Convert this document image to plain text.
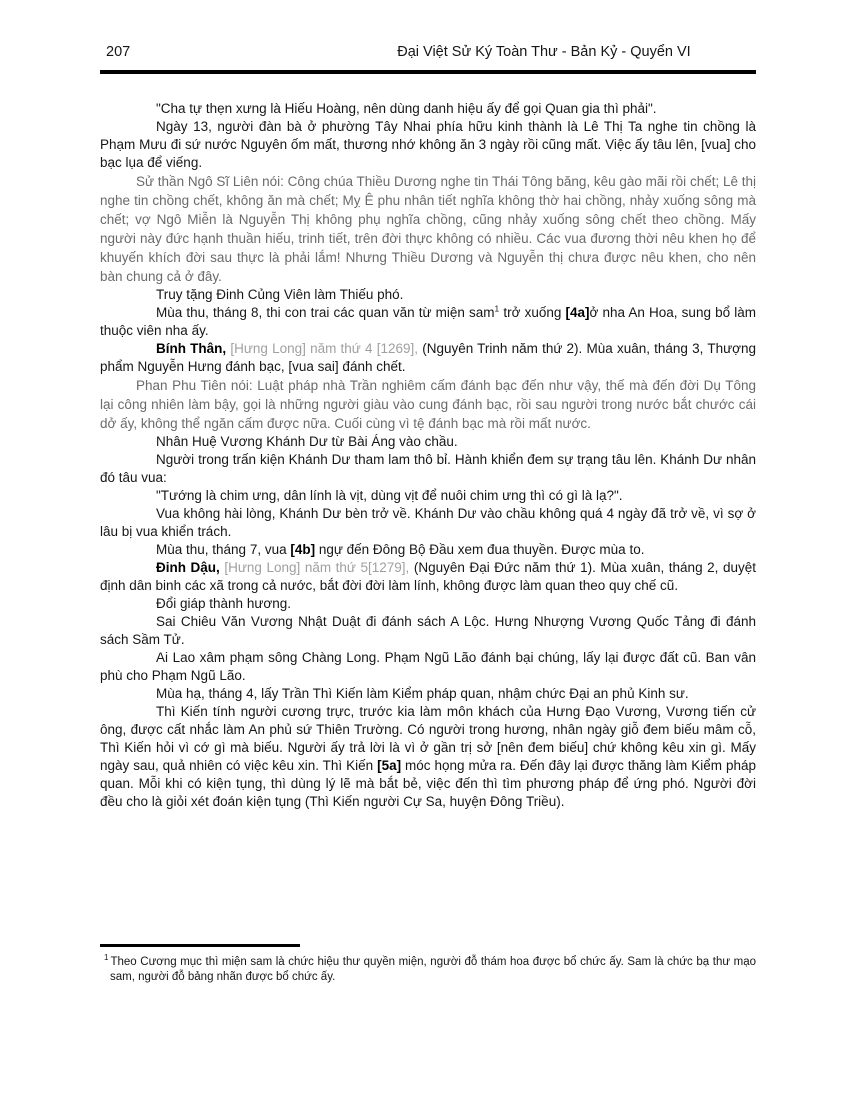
207	Đại Việt Sử Ký Toàn Thư - Bản Kỷ - Quyển VI

"Cha tự thẹn xưng là Hiếu Hoàng, nên dùng danh hiệu ấy để gọi Quan gia thì phải".

Ngày 13, người đàn bà ở phường Tây Nhai phía hữu kinh thành là Lê Thị Ta nghe tin chồng là Phạm Mưu đi sứ nước Nguyên ốm mất, thương nhớ không ăn 3 ngày rồi cũng mất. Việc ấy tâu lên, [vua] cho bạc lụa để viếng.

Sử thần Ngô Sĩ Liên nói: Công chúa Thiều Dương nghe tin Thái Tông băng, kêu gào mãi rồi chết; Lê thị nghe tin chồng chết, không ăn mà chết; Mỵ Ê phu nhân tiết nghĩa không thờ hai chồng, nhảy xuống sông mà chết; vợ Ngô Miễn là Nguyễn Thị không phụ nghĩa chồng, cũng nhảy xuống sông chết theo chồng. Mấy người này đức hạnh thuần hiếu, trinh tiết, trên đời thực không có nhiều. Các vua đương thời nêu khen họ để khuyến khích đời sau thực là phải lắm! Nhưng Thiều Dương và Nguyễn thị chưa được nêu khen, cho nên bàn chung cả ở đây.

Truy tặng Đinh Củng Viên làm Thiếu phó.

Mùa thu, tháng 8, thi con trai các quan văn từ miện sam$^1$ trở xuống [4a]ở nha An Hoa, sung bổ làm thuộc viên nha ấy.

Bính Thân, [Hưng Long] năm thứ 4 [1269], (Nguyên Trinh năm thứ 2). Mùa xuân, tháng 3, Thượng phẩm Nguyễn Hưng đánh bạc, [vua sai] đánh chết.

Phan Phu Tiên nói: Luật pháp nhà Trần nghiêm cấm đánh bạc đến như vậy, thế mà đến đời Dụ Tông lại công nhiên làm bậy, gọi là những người giàu vào cung đánh bạc, rồi sau người trong nước bắt chước cái dở ấy, không thể ngăn cấm được nữa. Cuối cùng vì tệ đánh bạc mà rồi mất nước.

Nhân Huệ Vương Khánh Dư từ Bài Áng vào chầu.

Người trong trấn kiện Khánh Dư tham lam thô bỉ. Hành khiển đem sự trạng tâu lên. Khánh Dư nhân đó tâu vua:

"Tướng là chim ưng, dân lính là vịt, dùng vịt để nuôi chim ưng thì có gì là lạ?".

Vua không hài lòng, Khánh Dư bèn trở về. Khánh Dư vào chầu không quá 4 ngày đã trở về, vì sợ ở lâu bị vua khiển trách.

Mùa thu, tháng 7, vua [4b] ngự đến Đông Bộ Đầu xem đua thuyền. Được mùa to.

Đinh Dậu, [Hưng Long] năm thứ 5[1279], (Nguyên Đại Đức năm thứ 1). Mùa xuân, tháng 2, duyệt định dân binh các xã trong cả nước, bắt đời đời làm lính, không được làm quan theo quy chế cũ.

Đổi giáp thành hương.

Sai Chiêu Văn Vương Nhật Duật đi đánh sách A Lộc. Hưng Nhượng Vương Quốc Tảng đi đánh sách Sầm Tử.

Ai Lao xâm phạm sông Chàng Long. Phạm Ngũ Lão đánh bại chúng, lấy lại được đất cũ. Ban vân phù cho Phạm Ngũ Lão.

Mùa hạ, tháng 4, lấy Trần Thì Kiến làm Kiểm pháp quan, nhậm chức Đại an phủ Kinh sư.

Thì Kiến tính người cương trực, trước kia làm môn khách của Hưng Đạo Vương, Vương tiến cử ông, được cất nhắc làm An phủ sứ Thiên Trường. Có người trong hương, nhân ngày giỗ đem biếu mâm cỗ, Thì Kiến hỏi vì cớ gì mà biếu. Người ấy trả lời là vì ở gần trị sở [nên đem biếu] chứ không kêu xin gì. Mấy ngày sau, quả nhiên có việc kêu xin. Thì Kiến [5a] móc họng mửa ra. Đến đây lại được thăng làm Kiểm pháp quan. Mỗi khi có kiện tụng, thì dùng lý lẽ mà bắt bẻ, việc đến thì tìm phương pháp để ứng phó. Người đời đều cho là giỏi xét đoán kiện tụng (Thì Kiến người Cự Sa, huyện Đông Triều).

$^1$ Theo Cương mục thì miện sam là chức hiệu thư quyền miện, người đỗ thám hoa được bổ chức ấy. Sam là chức bạ thư mạo sam, người đỗ bảng nhãn được bổ chức ấy.
